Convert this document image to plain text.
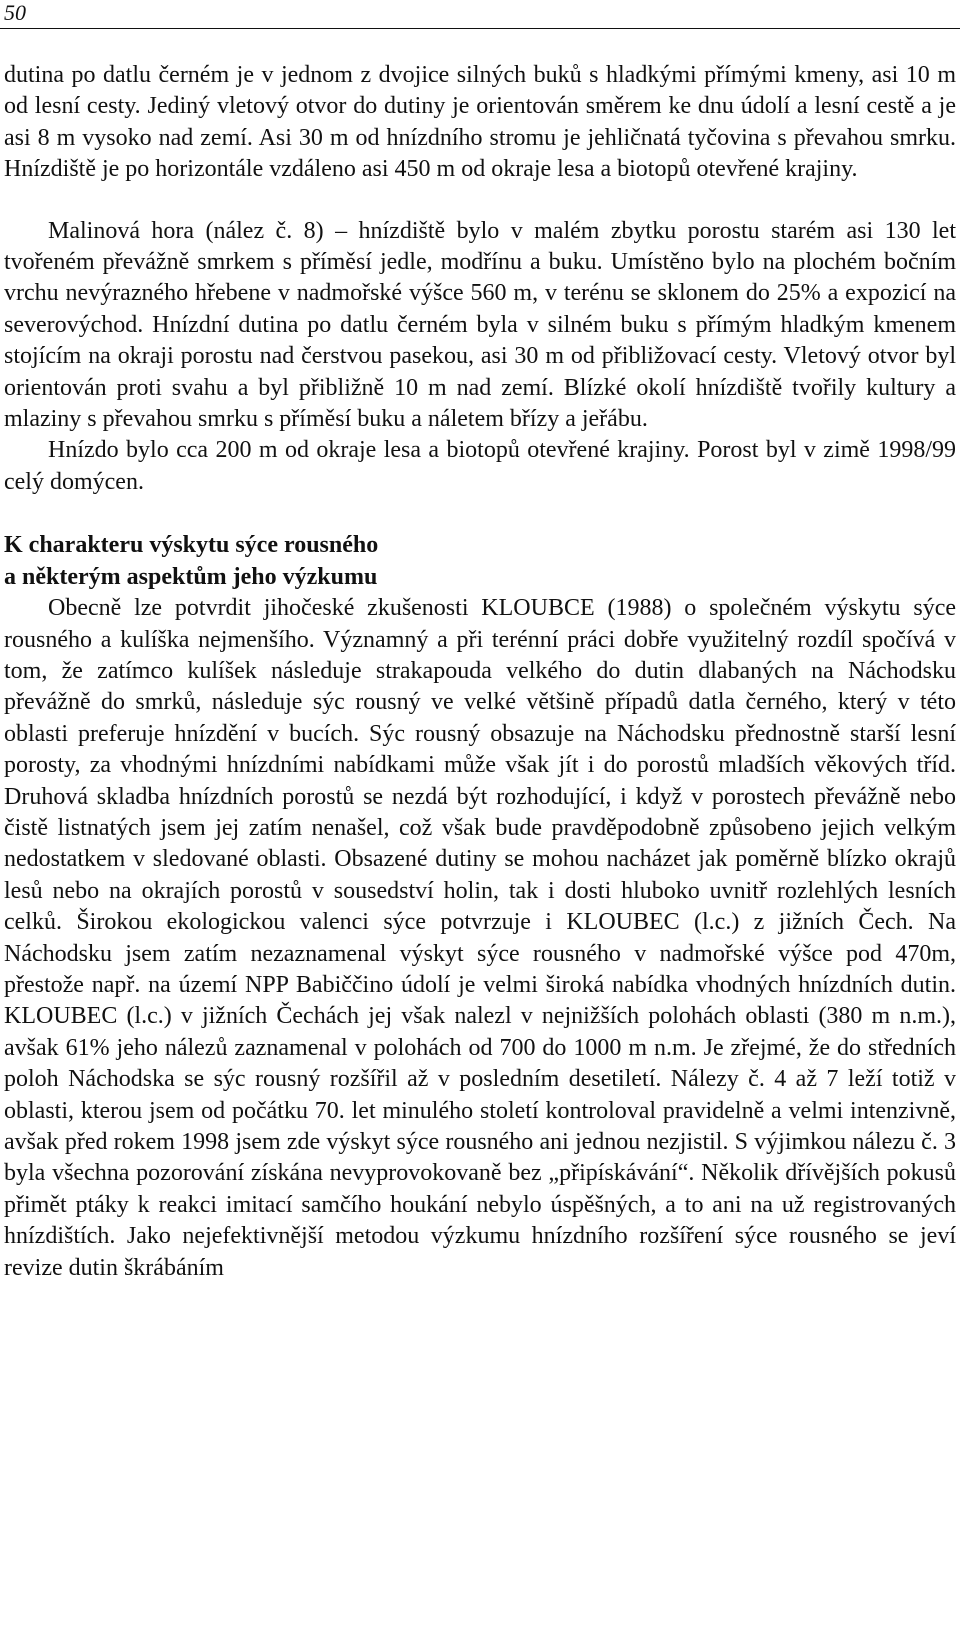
50

dutina po datlu černém je v jednom z dvojice silných buků s hladkými přímými kmeny, asi 10 m od lesní cesty. Jediný vletový otvor do dutiny je orientován směrem ke dnu údolí a lesní cestě a je asi 8 m vysoko nad zemí. Asi 30 m od hnízdního stromu je jehličnatá tyčovina s převahou smrku. Hnízdiště je po horizontále vzdáleno asi 450 m od okraje lesa a biotopů otevřené krajiny.

Malinová hora (nález č. 8) – hnízdiště bylo v malém zbytku porostu starém asi 130 let tvořeném převážně smrkem s příměsí jedle, modřínu a buku. Umístěno bylo na plochém bočním vrchu nevýrazného hřebene v nadmořské výšce 560 m, v terénu se sklonem do 25% a expozicí na severovýchod. Hnízdní dutina po datlu černém byla v silném buku s přímým hladkým kmenem stojícím na okraji porostu nad čerstvou pasekou, asi 30 m od přibližovací cesty. Vletový otvor byl orientován proti svahu a byl přibližně 10 m nad zemí. Blízké okolí hnízdiště tvořily kultury a mlaziny s převahou smrku s příměsí buku a náletem břízy a jeřábu.

Hnízdo bylo cca 200 m od okraje lesa a biotopů otevřené krajiny. Porost byl v zimě 1998/99 celý domýcen.

K charakteru výskytu sýce rousného
a některým aspektům jeho výzkumu

Obecně lze potvrdit jihočeské zkušenosti KLOUBCE (1988) o společném výskytu sýce rousného a kulíška nejmenšího. Významný a při terénní práci dobře využitelný rozdíl spočívá v tom, že zatímco kulíšek následuje strakapouda velkého do dutin dlabaných na Náchodsku převážně do smrků, následuje sýc rousný ve velké většině případů datla černého, který v této oblasti preferuje hnízdění v bucích. Sýc rousný obsazuje na Náchodsku přednostně starší lesní porosty, za vhodnými hnízdními nabídkami může však jít i do porostů mladších věkových tříd. Druhová skladba hnízdních porostů se nezdá být rozhodující, i když v porostech převážně nebo čistě listnatých jsem jej zatím nenašel, což však bude pravděpodobně způsobeno jejich velkým nedostatkem v sledované oblasti. Obsazené dutiny se mohou nacházet jak poměrně blízko okrajů lesů nebo na okrajích porostů v sousedství holin, tak i dosti hluboko uvnitř rozlehlých lesních celků. Širokou ekologickou valenci sýce potvrzuje i KLOUBEC (l.c.) z jižních Čech. Na Náchodsku jsem zatím nezaznamenal výskyt sýce rousného v nadmořské výšce pod 470m, přestože např. na území NPP Babiččino údolí je velmi široká nabídka vhodných hnízdních dutin. KLOUBEC (l.c.) v jižních Čechách jej však nalezl v nejnižších polohách oblasti (380 m n.m.), avšak 61% jeho nálezů zaznamenal v polohách od 700 do 1000 m n.m. Je zřejmé, že do středních poloh Náchodska se sýc rousný rozšířil až v posledním desetiletí. Nálezy č. 4 až 7 leží totiž v oblasti, kterou jsem od počátku 70. let minulého století kontroloval pravidelně a velmi intenzivně, avšak před rokem 1998 jsem zde výskyt sýce rousného ani jednou nezjistil. S výjimkou nálezu č. 3 byla všechna pozorování získána nevyprovokovaně bez „připískávání“. Několik dřívějších pokusů přimět ptáky k reakci imitací samčího houkání nebylo úspěšných, a to ani na už registrovaných hnízdištích. Jako nejefektivnější metodou výzkumu hnízdního rozšíření sýce rousného se jeví revize dutin škrábáním
